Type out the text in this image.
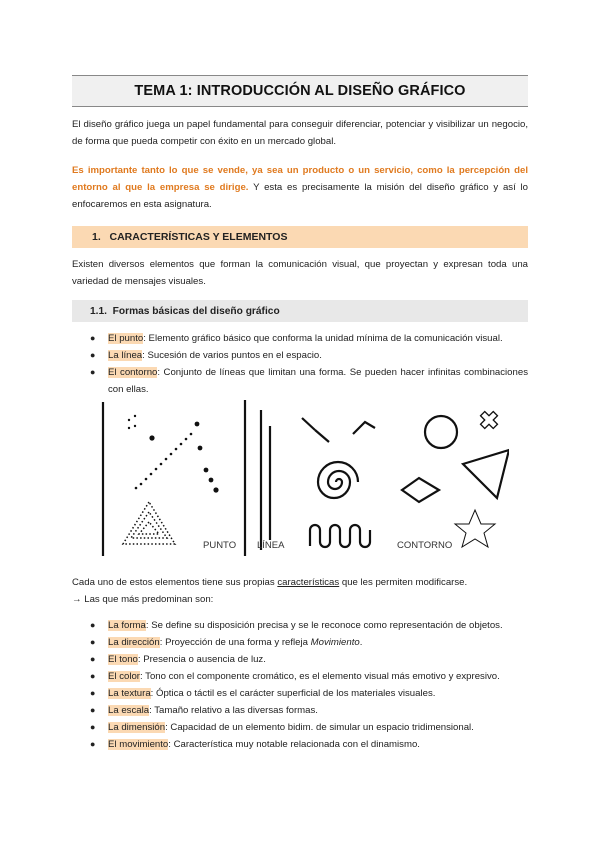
TEMA 1: INTRODUCCIÓN AL DISEÑO GRÁFICO

El diseño gráfico juega un papel fundamental para conseguir diferenciar, potenciar y visibilizar un negocio, de forma que pueda competir con éxito en un mercado global.

Es importante tanto lo que se vende, ya sea un producto o un servicio, como la percepción del entorno al que la empresa se dirige. Y esta es precisamente la misión del diseño gráfico y así lo enfocaremos en esta asignatura.

1.   CARACTERÍSTICAS Y ELEMENTOS

Existen diversos elementos que forman la comunicación visual, que proyectan y expresan toda una variedad de mensajes visuales.

1.1.  Formas básicas del diseño gráfico
● El punto: Elemento gráfico básico que conforma la unidad mínima de la comunicación visual.
● La línea: Sucesión de varios puntos en el espacio.
● El contorno: Conjunto de líneas que limitan una forma. Se pueden hacer infinitas combinaciones con ellas.
PUNTO LÍNEA	CONTORNO

Cada uno de estos elementos tiene sus propias características que les permiten modificarse.
→ Las que más predominan son:

● La forma: Se define su disposición precisa y se le reconoce como representación de objetos.
● La dirección: Proyección de una forma y refleja Movimiento.
● El tono: Presencia o ausencia de luz.
● El color: Tono con el componente cromático, es el elemento visual más emotivo y expresivo.
● La textura: Óptica o táctil es el carácter superficial de los materiales visuales.
● La escala: Tamaño relativo a las diversas formas.
● La dimensión: Capacidad de un elemento bidim. de simular un espacio tridimensional.
● El movimiento: Característica muy notable relacionada con el dinamismo.
